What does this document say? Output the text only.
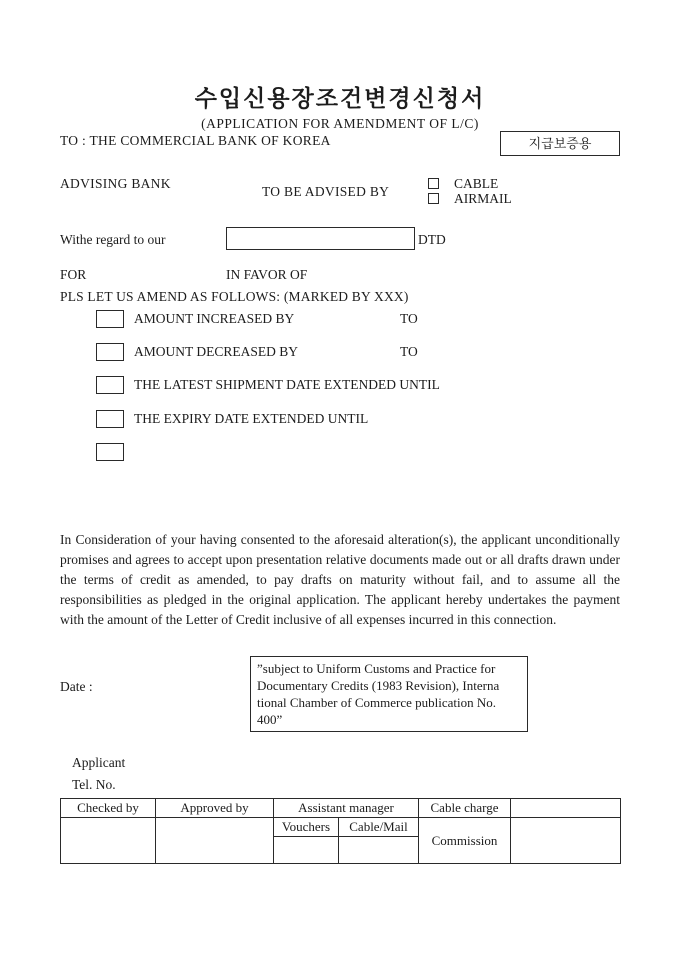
수입신용장조건변경신청서
(APPLICATION FOR AMENDMENT OF L/C)
TO : THE COMMERCIAL BANK OF KOREA	지급보증용
ADVISING BANK
TO BE ADVISED BY
CABLE
AIRMAIL
Withe regard to our	DTD
FOR	IN FAVOR OF
PLS LET US AMEND AS FOLLOWS: (MARKED BY XXX)
AMOUNT INCREASED BY	TO
AMOUNT DECREASED BY	TO
THE LATEST SHIPMENT DATE EXTENDED UNTIL
THE EXPIRY DATE EXTENDED UNTIL
In Consideration of your having consented to the aforesaid alteration(s), the applicant unconditionally promises and agrees to accept upon presentation relative documents made out or all drafts drawn under the terms of credit as amended, to pay drafts on maturity without fail, and to assume all the responsibilities as pledged in the original application. The applicant hereby undertakes the payment with the amount of the Letter of Credit inclusive of all expenses incurred in this connection.
Date :
”subject to Uniform Customs and Practice for
Documentary Credits (1983 Revision), Interna
tional Chamber of Commerce publication No.
400”
Applicant
Tel. No.
Checked by	Approved by	Assistant manager		Cable charge	
		Vouchers	Cable/Mail	Commission	
